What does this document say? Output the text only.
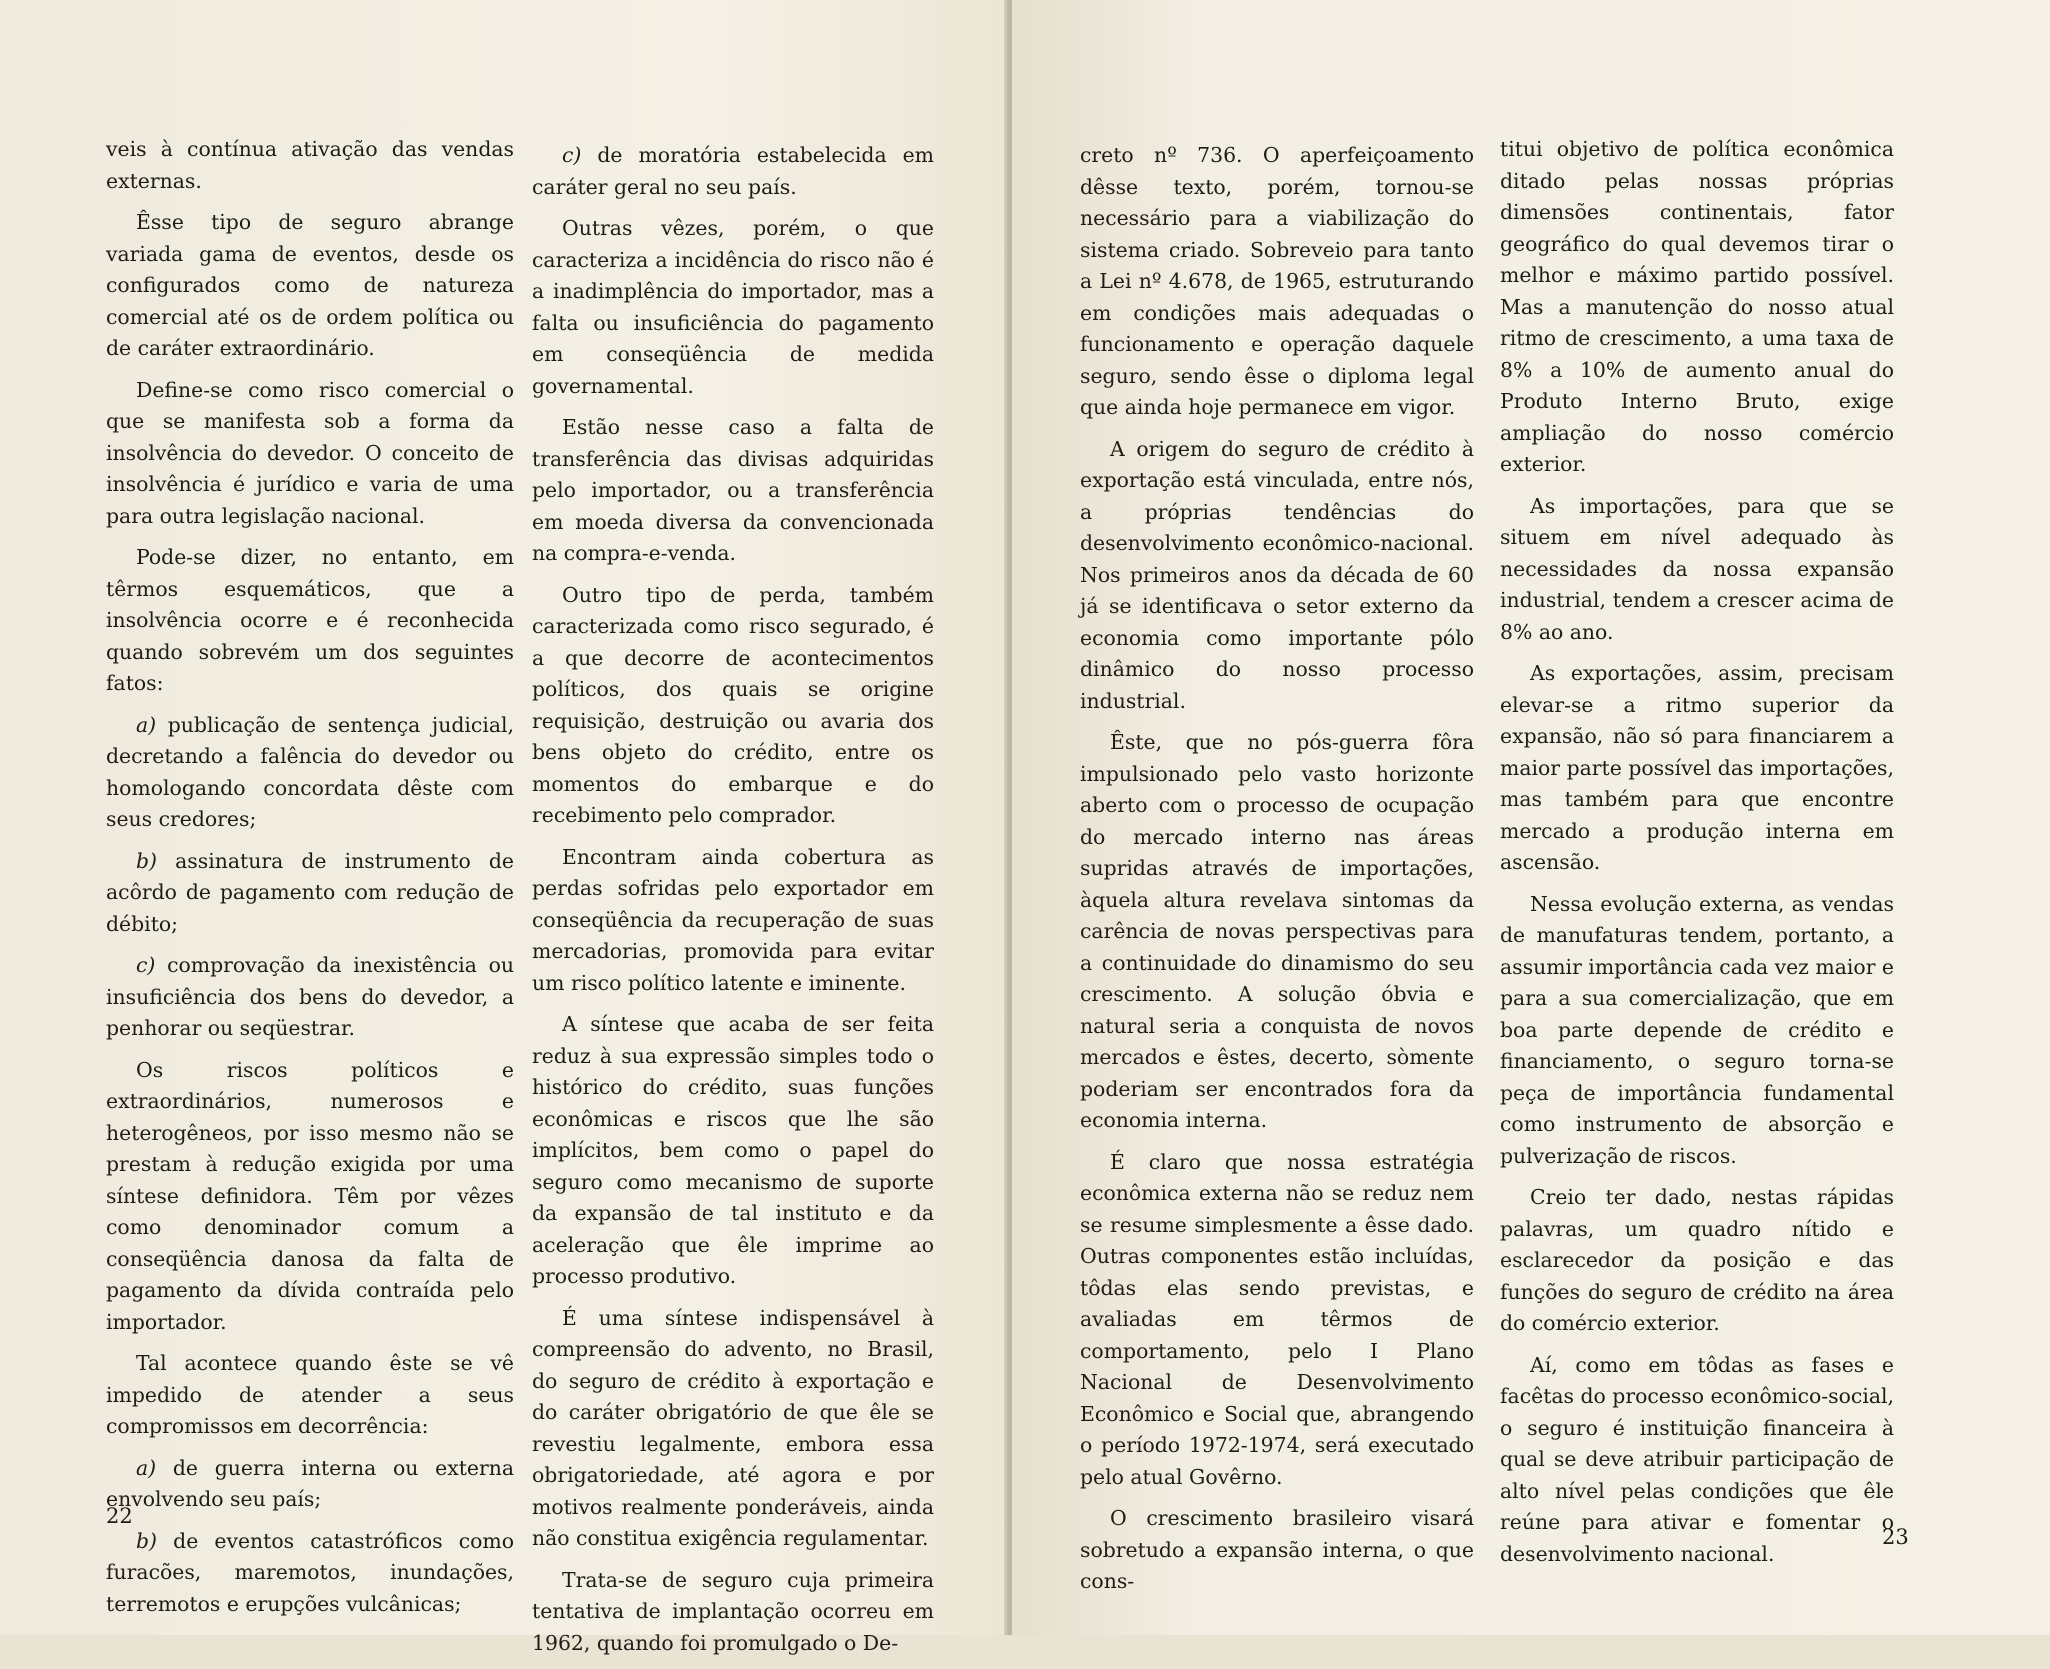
veis à contínua ativação das vendas externas.

Êsse tipo de seguro abrange variada gama de eventos, desde os configurados como de natureza comercial até os de ordem política ou de caráter extraordinário.

Define-se como risco comercial o que se manifesta sob a forma da insolvência do devedor. O conceito de insolvência é jurídico e varia de uma para outra legislação nacional.

Pode-se dizer, no entanto, em têrmos esquemáticos, que a insolvência ocorre e é reconhecida quando sobrevém um dos seguintes fatos:

a) publicação de sentença judicial, decretando a falência do devedor ou homologando concordata dêste com seus credores;

b) assinatura de instrumento de acôrdo de pagamento com redução de débito;

c) comprovação da inexistência ou insuficiência dos bens do devedor, a penhorar ou seqüestrar.

Os riscos políticos e extraordinários, numerosos e heterogêneos, por isso mesmo não se prestam à redução exigida por uma síntese definidora. Têm por vêzes como denominador comum a conseqüência danosa da falta de pagamento da dívida contraída pelo importador.

Tal acontece quando êste se vê impedido de atender a seus compromissos em decorrência:

a) de guerra interna ou externa envolvendo seu país;

b) de eventos catastróficos como furacões, maremotos, inundações, terremotos e erupções vulcânicas;

c) de moratória estabelecida em caráter geral no seu país.

Outras vêzes, porém, o que caracteriza a incidência do risco não é a inadimplência do importador, mas a falta ou insuficiência do pagamento em conseqüência de medida governamental.

Estão nesse caso a falta de transferência das divisas adquiridas pelo importador, ou a transferência em moeda diversa da convencionada na compra-e-venda.

Outro tipo de perda, também caracterizada como risco segurado, é a que decorre de acontecimentos políticos, dos quais se origine requisição, destruição ou avaria dos bens objeto do crédito, entre os momentos do embarque e do recebimento pelo comprador.

Encontram ainda cobertura as perdas sofridas pelo exportador em conseqüência da recuperação de suas mercadorias, promovida para evitar um risco político latente e iminente.

A síntese que acaba de ser feita reduz à sua expressão simples todo o histórico do crédito, suas funções econômicas e riscos que lhe são implícitos, bem como o papel do seguro como mecanismo de suporte da expansão de tal instituto e da aceleração que êle imprime ao processo produtivo.

É uma síntese indispensável à compreensão do advento, no Brasil, do seguro de crédito à exportação e do caráter obrigatório de que êle se revestiu legalmente, embora essa obrigatoriedade, até agora e por motivos realmente ponderáveis, ainda não constitua exigência regulamentar.

Trata-se de seguro cuja primeira tentativa de implantação ocorreu em 1962, quando foi promulgado o De-

22

creto nº 736. O aperfeiçoamento dêsse texto, porém, tornou-se necessário para a viabilização do sistema criado. Sobreveio para tanto a Lei nº 4.678, de 1965, estruturando em condições mais adequadas o funcionamento e operação daquele seguro, sendo êsse o diploma legal que ainda hoje permanece em vigor.

A origem do seguro de crédito à exportação está vinculada, entre nós, a próprias tendências do desenvolvimento econômico-nacional. Nos primeiros anos da década de 60 já se identificava o setor externo da economia como importante pólo dinâmico do nosso processo industrial.

Êste, que no pós-guerra fôra impulsionado pelo vasto horizonte aberto com o processo de ocupação do mercado interno nas áreas supridas através de importações, àquela altura revelava sintomas da carência de novas perspectivas para a continuidade do dinamismo do seu crescimento. A solução óbvia e natural seria a conquista de novos mercados e êstes, decerto, sòmente poderiam ser encontrados fora da economia interna.

É claro que nossa estratégia econômica externa não se reduz nem se resume simplesmente a êsse dado. Outras componentes estão incluídas, tôdas elas sendo previstas, e avaliadas em têrmos de comportamento, pelo I Plano Nacional de Desenvolvimento Econômico e Social que, abrangendo o período 1972-1974, será executado pelo atual Govêrno.

O crescimento brasileiro visará sobretudo a expansão interna, o que cons-

titui objetivo de política econômica ditado pelas nossas próprias dimensões continentais, fator geográfico do qual devemos tirar o melhor e máximo partido possível. Mas a manutenção do nosso atual ritmo de crescimento, a uma taxa de 8% a 10% de aumento anual do Produto Interno Bruto, exige ampliação do nosso comércio exterior.

As importações, para que se situem em nível adequado às necessidades da nossa expansão industrial, tendem a crescer acima de 8% ao ano.

As exportações, assim, precisam elevar-se a ritmo superior da expansão, não só para financiarem a maior parte possível das importações, mas também para que encontre mercado a produção interna em ascensão.

Nessa evolução externa, as vendas de manufaturas tendem, portanto, a assumir importância cada vez maior e para a sua comercialização, que em boa parte depende de crédito e financiamento, o seguro torna-se peça de importância fundamental como instrumento de absorção e pulverização de riscos.

Creio ter dado, nestas rápidas palavras, um quadro nítido e esclarecedor da posição e das funções do seguro de crédito na área do comércio exterior.

Aí, como em tôdas as fases e facêtas do processo econômico-social, o seguro é instituição financeira à qual se deve atribuir participação de alto nível pelas condições que êle reúne para ativar e fomentar o desenvolvimento nacional.

23
